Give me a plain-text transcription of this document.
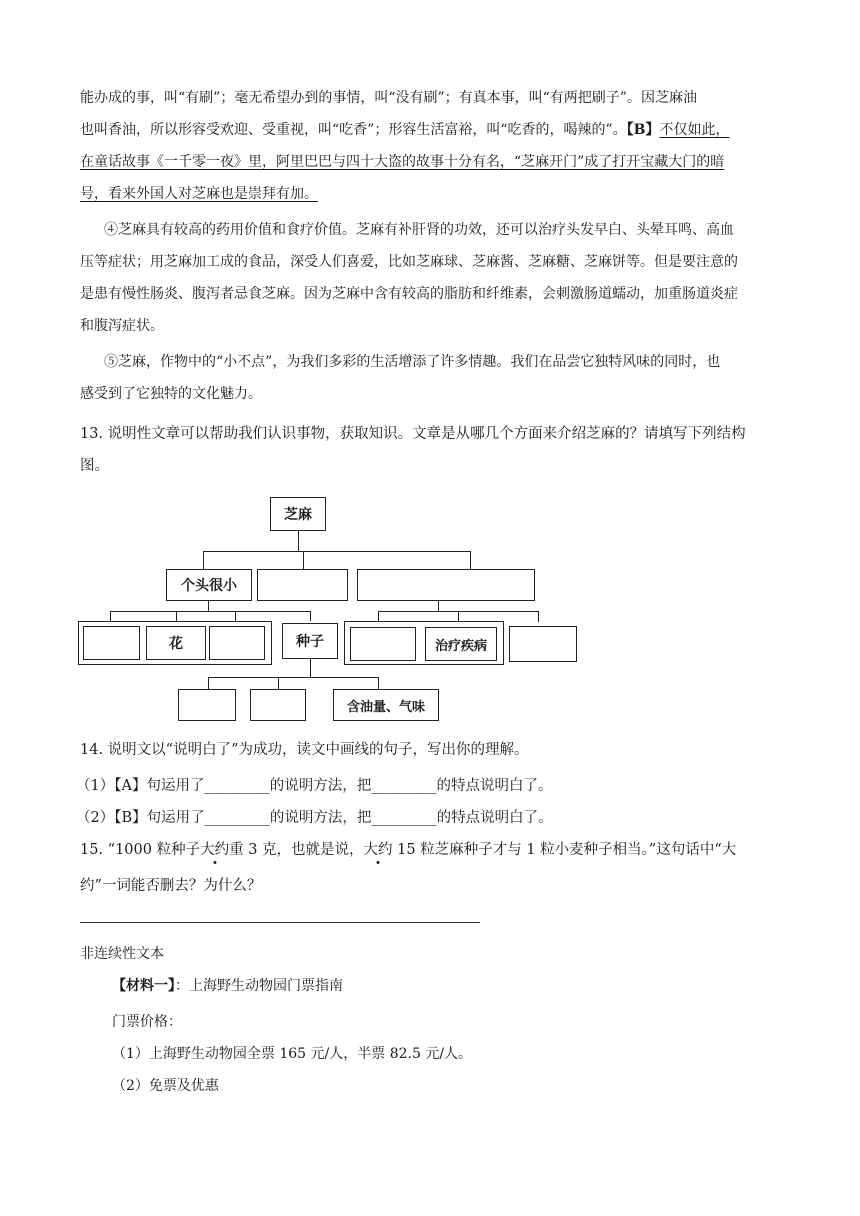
能办成的事，叫“有刷”；毫无希望办到的事情，叫“没有刷”；有真本事，叫“有两把刷子”。因芝麻油
也叫香油，所以形容受欢迎、受重视，叫“吃香”；形容生活富裕，叫“吃香的，喝辣的”。【B】不仅如此，
在童话故事《一千零一夜》里，阿里巴巴与四十大盗的故事十分有名，“芝麻开门”成了打开宝藏大门的暗
号，看来外国人对芝麻也是崇拜有加。
④芝麻具有较高的药用价值和食疗价值。芝麻有补肝肾的功效，还可以治疗头发早白、头晕耳鸣、高血
压等症状；用芝麻加工成的食品，深受人们喜爱，比如芝麻球、芝麻酱、芝麻糖、芝麻饼等。但是要注意的
是患有慢性肠炎、腹泻者忌食芝麻。因为芝麻中含有较高的脂肪和纤维素，会刺激肠道蠕动，加重肠道炎症
和腹泻症状。
⑤芝麻，作物中的“小不点”，为我们多彩的生活增添了许多情趣。我们在品尝它独特风味的同时，也
感受到了它独特的文化魅力。
13. 说明性文章可以帮助我们认识事物，获取知识。文章是从哪几个方面来介绍芝麻的？请填写下列结构
图。
芝麻
个头很小
花	种子	治疗疾病
含油量、气味
14. 说明文以“说明白了”为成功，读文中画线的句子，写出你的理解。
（1）【A】句运用了_________的说明方法，把_________的特点说明白了。
（2）【B】句运用了_________的说明方法，把_________的特点说明白了。
15. “1000 粒种子大约重 3 克，也就是说，大约 15 粒芝麻种子才与 1 粒小麦种子相当。”这句话中“大
约”一词能否删去？为什么？
非连续性文本
【材料一】：上海野生动物园门票指南
门票价格：
（1）上海野生动物园全票 165 元/人，半票 82.5 元/人。
（2）免票及优惠
